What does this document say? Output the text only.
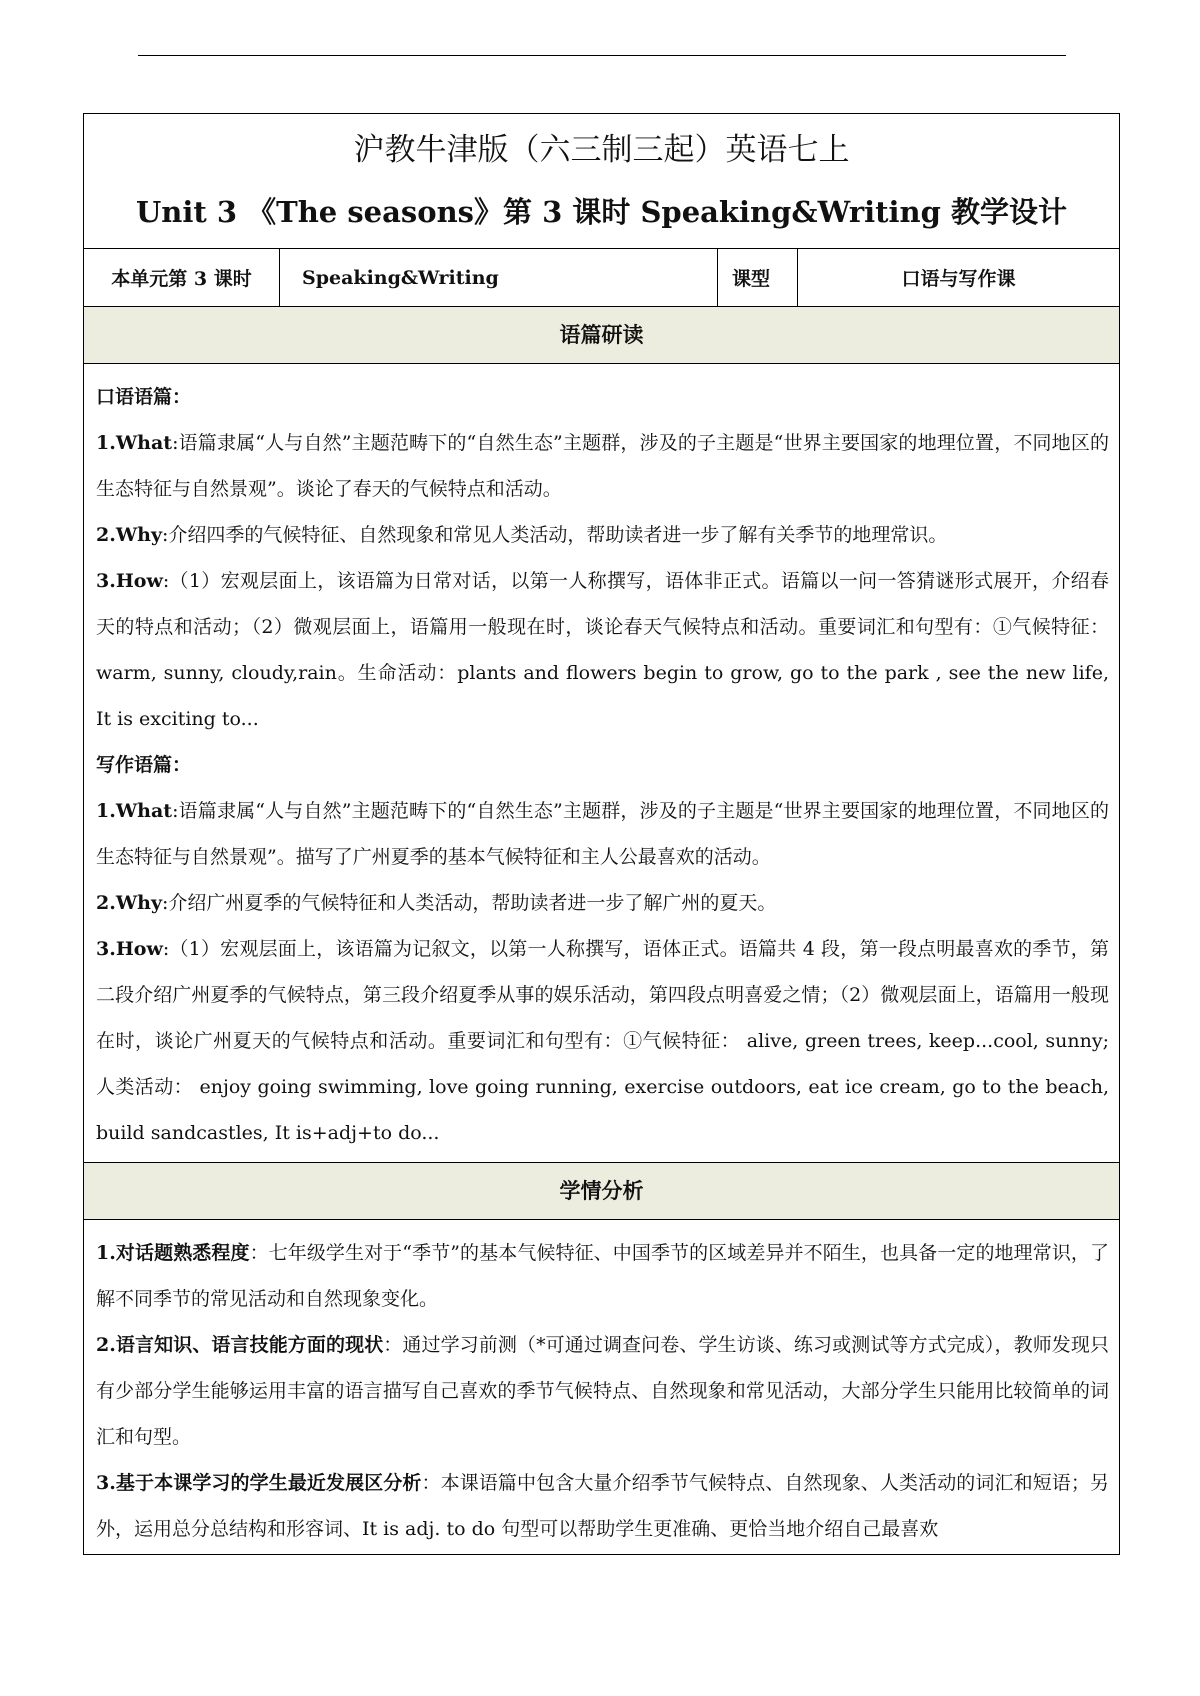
沪教牛津版（六三制三起）英语七上
Unit 3 《The seasons》第 3 课时 Speaking&Writing 教学设计
本单元第 3 课时	Speaking&Writing	课型	口语与写作课
语篇研读

口语语篇：

1.What:语篇隶属“人与自然”主题范畴下的“自然生态”主题群，涉及的子主题是“世界主要国家的地理位置，不同地区的生态特征与自然景观”。谈论了春天的气候特点和活动。

2.Why:介绍四季的气候特征、自然现象和常见人类活动，帮助读者进一步了解有关季节的地理常识。

3.How:（1）宏观层面上，该语篇为日常对话，以第一人称撰写，语体非正式。语篇以一问一答猜谜形式展开，介绍春天的特点和活动；（2）微观层面上，语篇用一般现在时，谈论春天气候特点和活动。重要词汇和句型有：①气候特征： warm, sunny, cloudy,rain。生命活动：plants and flowers begin to grow, go to the park , see the new life, It is exciting to...

写作语篇：

1.What:语篇隶属“人与自然”主题范畴下的“自然生态”主题群，涉及的子主题是“世界主要国家的地理位置，不同地区的生态特征与自然景观”。描写了广州夏季的基本气候特征和主人公最喜欢的活动。

2.Why:介绍广州夏季的气候特征和人类活动，帮助读者进一步了解广州的夏天。

3.How:（1）宏观层面上，该语篇为记叙文，以第一人称撰写，语体正式。语篇共 4 段，第一段点明最喜欢的季节，第二段介绍广州夏季的气候特点，第三段介绍夏季从事的娱乐活动，第四段点明喜爱之情；（2）微观层面上，语篇用一般现在时，谈论广州夏天的气候特点和活动。重要词汇和句型有：①气候特征： alive, green trees, keep...cool, sunny; 人类活动： enjoy going swimming, love going running, exercise outdoors, eat ice cream, go to the beach, build sandcastles, It is+adj+to do...

学情分析

1.对话题熟悉程度：七年级学生对于“季节”的基本气候特征、中国季节的区域差异并不陌生，也具备一定的地理常识，了解不同季节的常见活动和自然现象变化。

2.语言知识、语言技能方面的现状：通过学习前测（*可通过调查问卷、学生访谈、练习或测试等方式完成），教师发现只有少部分学生能够运用丰富的语言描写自己喜欢的季节气候特点、自然现象和常见活动，大部分学生只能用比较简单的词汇和句型。

3.基于本课学习的学生最近发展区分析：本课语篇中包含大量介绍季节气候特点、自然现象、人类活动的词汇和短语；另外，运用总分总结构和形容词、It is adj. to do 句型可以帮助学生更准确、更恰当地介绍自己最喜欢
